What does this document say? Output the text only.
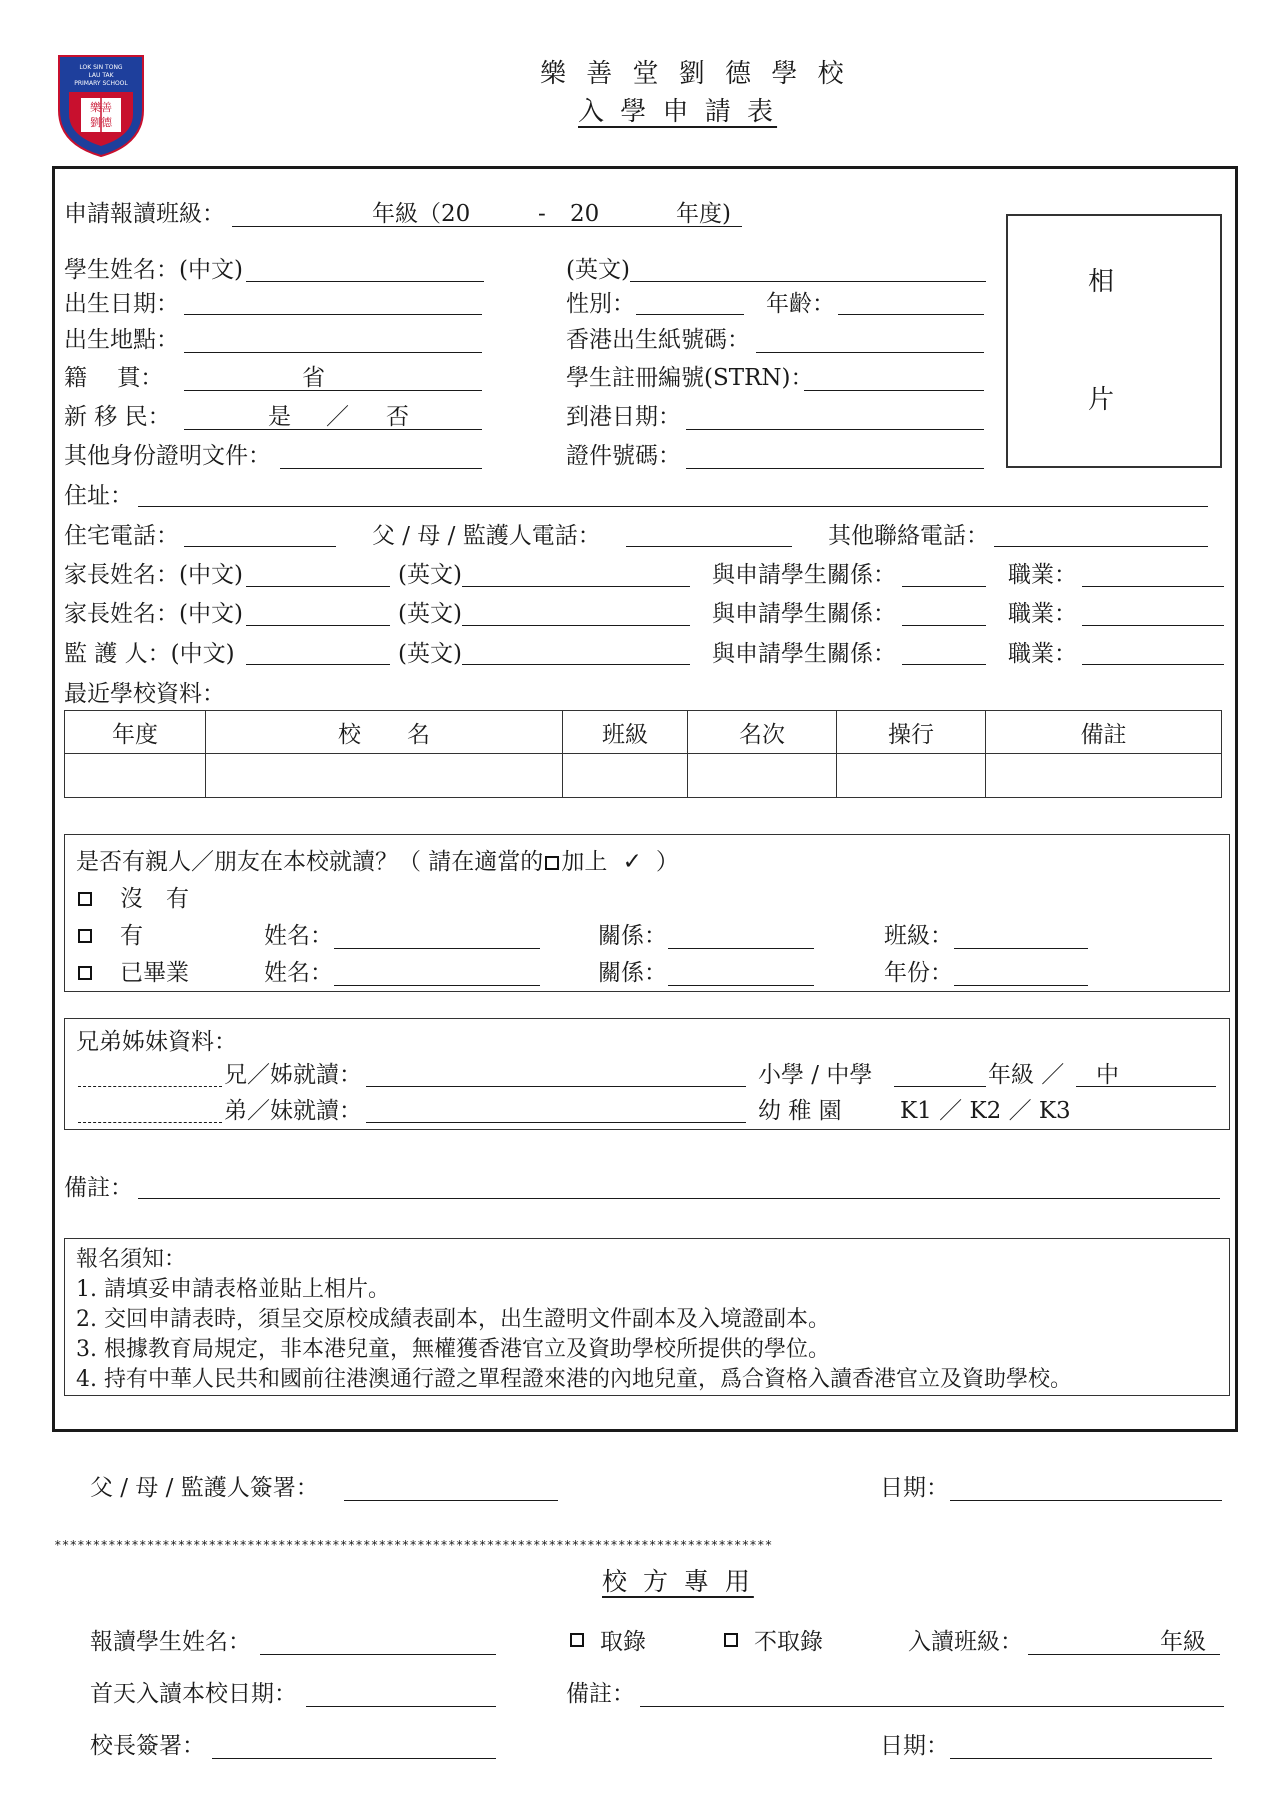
LOK SIN TONG
LAU TAK
PRIMARY SCHOOL
樂善
劉德
樂 善 堂 劉 德 學 校
入 學 申 請 表
申請報讀班級：	年級（20	- 20	年度)
相
片
學生姓名：(中文)	(英文)
出生日期：	性別：	年齡：
出生地點：	香港出生紙號碼：
籍　 貫：	省	學生註冊編號(STRN)：
新 移 民：	是 ／ 否	到港日期：
其他身份證明文件：	證件號碼：
住址：
住宅電話：	父 / 母 / 監護人電話：	其他聯絡電話：
家長姓名：(中文)	(英文)	與申請學生關係：	職業：
家長姓名：(中文)	(英文)	與申請學生關係：	職業：
監 護 人：(中文)	(英文)	與申請學生關係：	職業：
最近學校資料：
年度	校　　名	班級	名次	操行	備註

是否有親人／朋友在本校就讀？（ 請在適當的 加上 ✓ ）
沒　有
有	姓名：	關係：	班級：
已畢業	姓名：	關係：	年份：
兄弟姊妹資料：
兄／姊就讀：	小學 / 中學	年級 ／ 中
弟／妹就讀：	幼 稚 園	K1 ／ K2 ／ K3
備註：
報名須知：
1. 請填妥申請表格並貼上相片。
2. 交回申請表時，須呈交原校成績表副本，出生證明文件副本及入境證副本。
3. 根據教育局規定，非本港兒童，無權獲香港官立及資助學校所提供的學位。
4. 持有中華人民共和國前往港澳通行證之單程證來港的內地兒童，爲合資格入讀香港官立及資助學校。
父 / 母 / 監護人簽署：	日期：
*********************************************************************************************
校 方 專 用
報讀學生姓名：	取錄	不取錄	入讀班級：	年級
首天入讀本校日期：	備註：
校長簽署：	日期：
